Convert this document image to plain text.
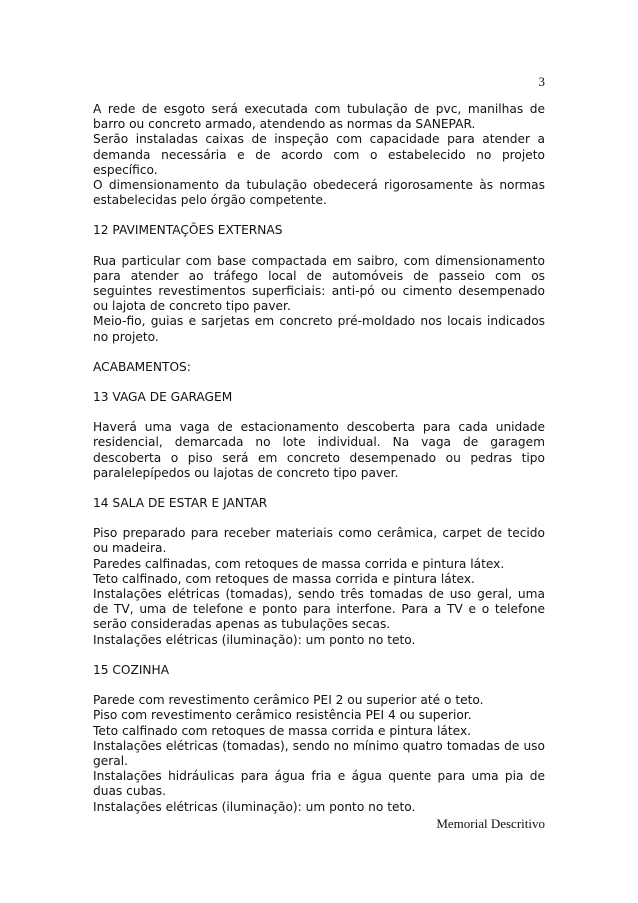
3

A rede de esgoto será executada com tubulação de pvc, manilhas de barro ou concreto armado, atendendo as normas da SANEPAR.

Serão instaladas caixas de inspeção com capacidade para atender a demanda necessária e de acordo com o estabelecido no projeto específico.

O dimensionamento da tubulação obedecerá rigorosamente às normas estabelecidas pelo órgão competente.

12 PAVIMENTAÇÕES EXTERNAS

Rua particular com base compactada em saibro, com dimensionamento para atender ao tráfego local de automóveis de passeio com os seguintes revestimentos superficiais: anti-pó ou cimento desempenado ou lajota de concreto tipo paver.

Meio-fio, guias e sarjetas em concreto pré-moldado nos locais indicados no projeto.

ACABAMENTOS:
13 VAGA DE GARAGEM

Haverá uma vaga de estacionamento descoberta para cada unidade residencial, demarcada no lote individual. Na vaga de garagem descoberta o piso será em concreto desempenado ou pedras tipo paralelepípedos ou lajotas de concreto tipo paver.

14 SALA DE ESTAR E JANTAR

Piso preparado para receber materiais como cerâmica, carpet de tecido ou madeira.

Paredes calfinadas, com retoques de massa corrida e pintura látex.

Teto calfinado, com retoques de massa corrida e pintura látex.

Instalações elétricas (tomadas), sendo três tomadas de uso geral, uma de TV, uma de telefone e ponto para interfone. Para a TV e o telefone serão consideradas apenas as tubulações secas.

Instalações elétricas (iluminação): um ponto no teto.

15 COZINHA

Parede com revestimento cerâmico PEI 2 ou superior até o teto.

Piso com revestimento cerâmico resistência PEI 4 ou superior.

Teto calfinado com retoques de massa corrida e pintura látex.

Instalações elétricas (tomadas), sendo no mínimo quatro tomadas de uso geral.

Instalações hidráulicas para água fria e água quente para uma pia de duas cubas.

Instalações elétricas (iluminação): um ponto no teto.

Memorial Descritivo
